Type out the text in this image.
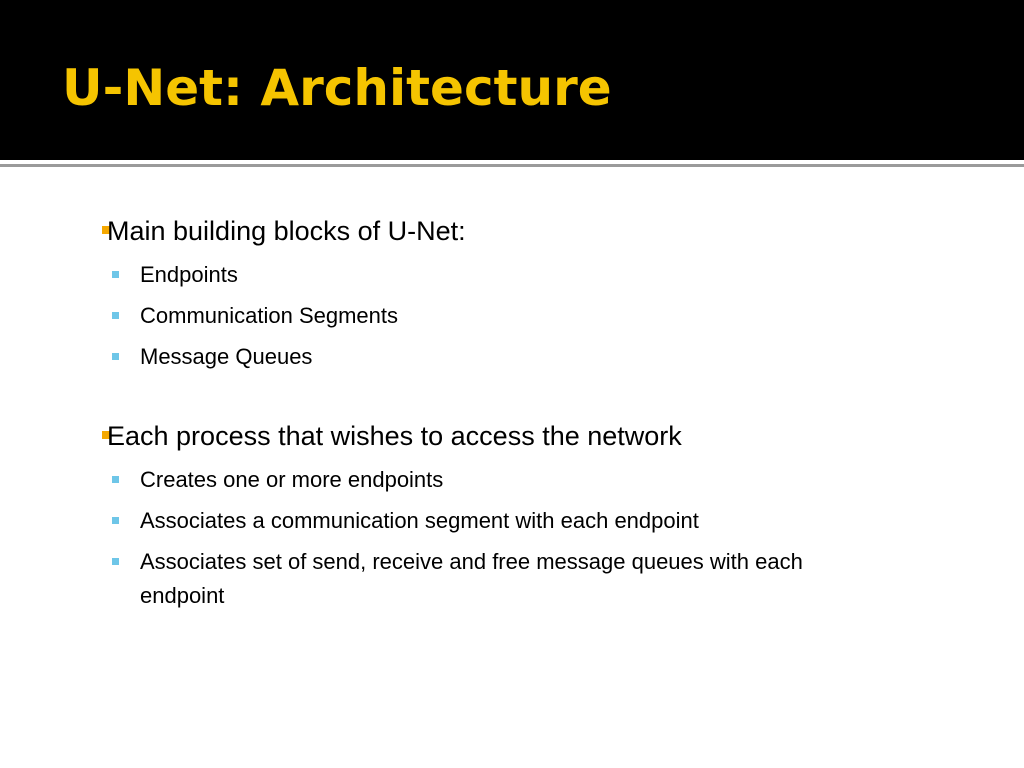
U-Net: Architecture
Main building blocks of U-Net:
Endpoints
Communication Segments
Message Queues
Each process that wishes to access the network
Creates one or more endpoints
Associates a communication segment with each endpoint
Associates set of send, receive and free message queues with each
endpoint
